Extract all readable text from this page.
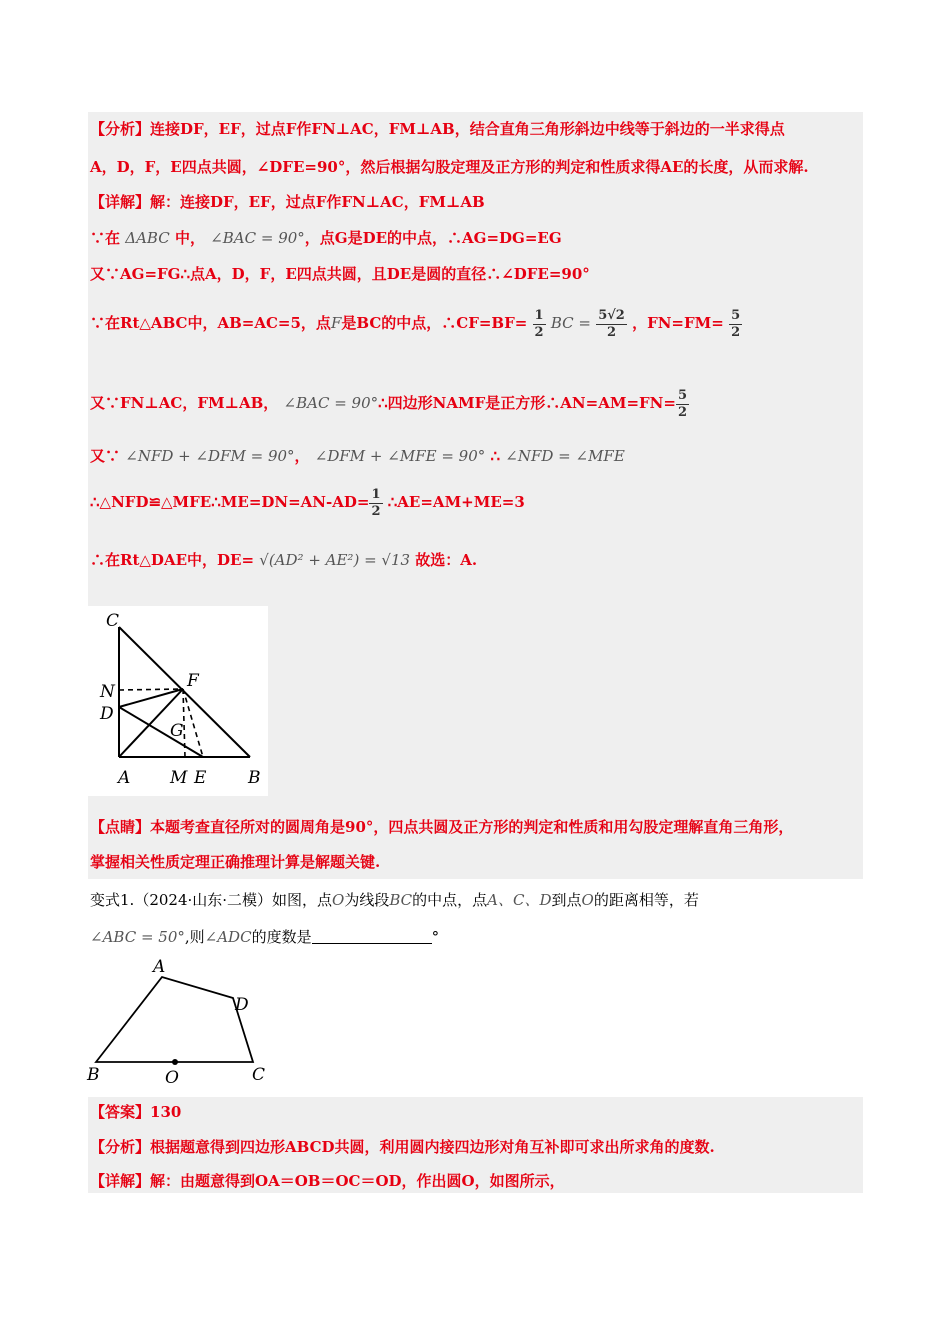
【分析】连接DF，EF，过点F作FN⊥AC，FM⊥AB，结合直角三角形斜边中线等于斜边的一半求得点
A，D，F，E四点共圆，∠DFE=90°，然后根据勾股定理及正方形的判定和性质求得AE的长度，从而求解.
【详解】解：连接DF，EF，过点F作FN⊥AC，FM⊥AB
∵在 ΔABC 中， ∠BAC = 90°，点G是DE的中点，∴AG=DG=EG
又∵AG=FG∴点A，D，F，E四点共圆，且DE是圆的直径∴∠DFE=90°
∵在Rt△ABC中，AB=AC=5，点F是BC的中点，∴CF=BF= $\frac{1}{2}$ BC = $\frac{5√2}{2}$ ，$FN=FM= \frac{5}{2}$
又∵FN⊥AC，FM⊥AB， ∠BAC = 90°∴四边形NAMF是正方形∴AN=AM=FN= $\frac{5}{2}$
又∵ ∠NFD + ∠DFM = 90°， ∠DFM + ∠MFE = 90° ∴ ∠NFD = ∠MFE
∴△NFD≌△MFE∴ME=DN=AN-AD= $\frac{1}{2}$ ∴AE=AM+ME=3
∴在Rt△DAE中，DE= √(AD² + AE²) = √13 故选：A.
C
F
N
D
G
A M E B
【点睛】本题考查直径所对的圆周角是90°，四点共圆及正方形的判定和性质和用勾股定理解直角三角形，
掌握相关性质定理正确推理计算是解题关键.
变式1.（2024·山东·二模）如图，点O为线段BC的中点，点A、C、D到点O的距离相等，若
∠ABC = 50°,则∠ADC的度数是	°
A
D
B	O	C
【答案】130
【分析】根据题意得到四边形ABCD共圆，利用圆内接四边形对角互补即可求出所求角的度数.
【详解】解：由题意得到OA＝OB＝OC＝OD，作出圆O，如图所示，
